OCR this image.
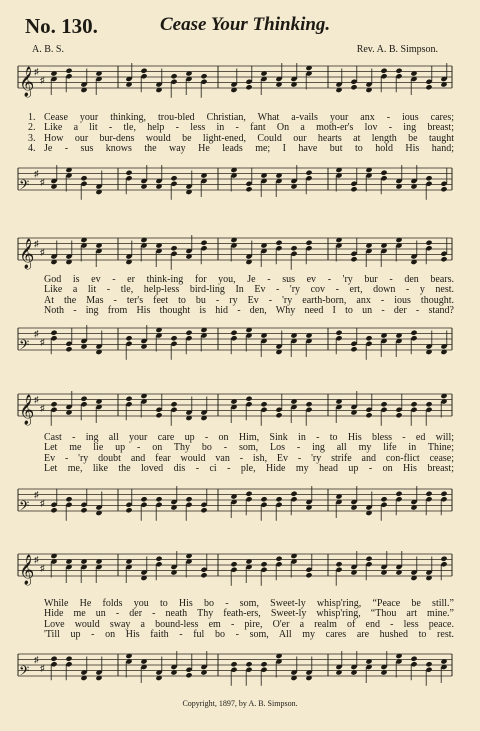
No. 130.	Cease Your Thinking.
A. B. S.	Rev. A. B. Simpson.
𝄞 ♯
♯
1. Cease your thinking, trou-bled Christian, What a-vails your anx - ious cares;
2. Like a lit - tle, help - less in - fant On a moth-er's lov - ing breast;
3. How our bur-dens would be light-ened, Could our hearts at length be taught
4. Je - sus knows the way He leads me; I have but to hold His hand;
𝄢
♯
♯
𝄞 ♯
♯
God is ev - er think-ing for you, Je - sus ev - 'ry bur - den bears.
Like a lit - tle, help-less bird-ling In Ev - 'ry cov - ert, down - y nest.
At the Mas - ter's feet to bu - ry Ev - 'ry earth-born, anx - ious thought.
Noth - ing from His thought is hid - den, Why need I to un - der - stand?
𝄢
♯
♯
𝄞 ♯
♯
Cast - ing all your care up - on Him, Sink in - to His bless - ed will;
Let me lie up - on Thy bo - som, Los - ing all my life in Thine;
Ev - 'ry doubt and fear would van - ish, Ev - 'ry strife and con-flict cease;
Let me, like the loved dis - ci - ple, Hide my head up - on His breast;
𝄢
♯
♯
𝄞 ♯
♯
While He folds you to His bo - som, Sweet-ly whisp'ring, “Peace be still.”
Hide me un - der - neath Thy feath-ers, Sweet-ly whisp'ring, “Thou art mine.”
Love would sway a bound-less em - pire, O'er a realm of end - less peace.
'Till up - on His faith - ful bo - som, All my cares are hushed to rest.
𝄢
♯
♯
Copyright, 1897, by A. B. Simpson.
